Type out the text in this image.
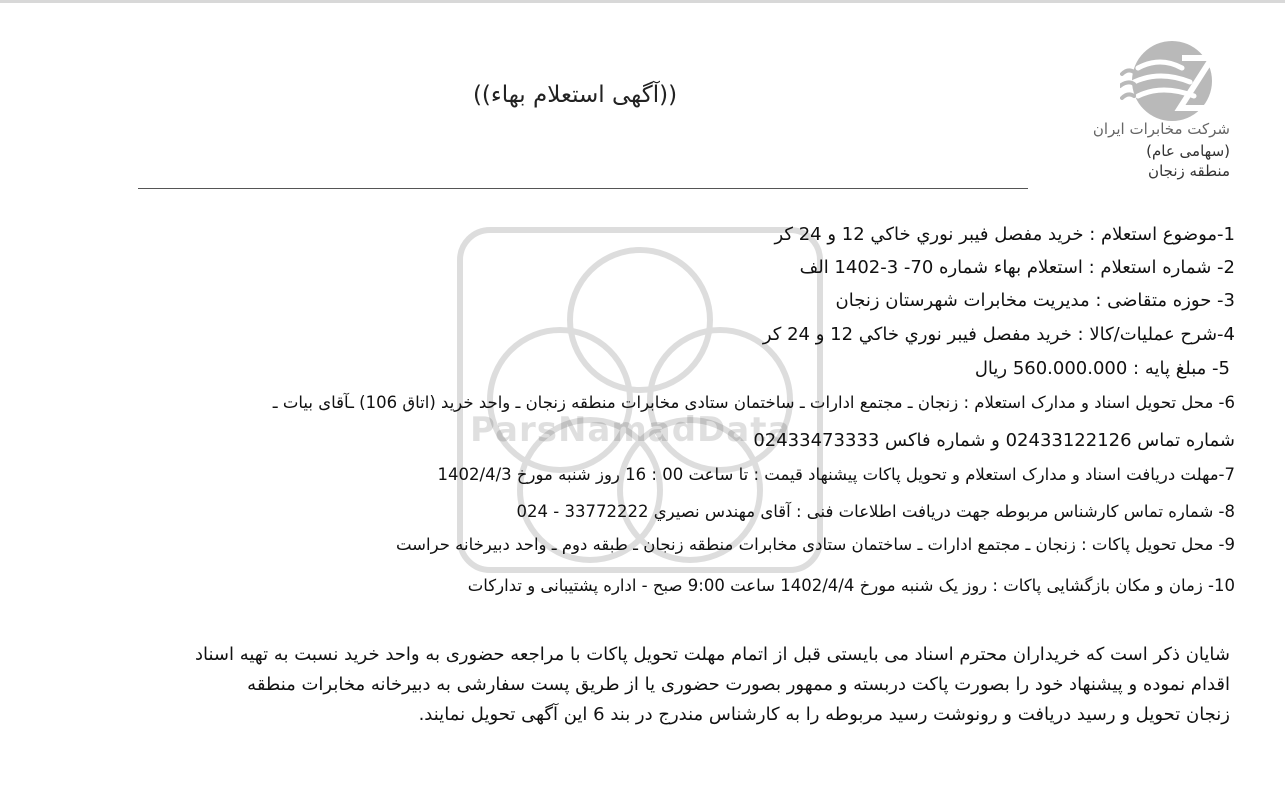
ParsNamadData
شرکت مخابرات ایران
(سهامی عام)
منطقه زنجان
((آگهی استعلام بهاء))
1-موضوع استعلام : خريد مفصل فيبر نوري خاكي 12 و 24 كر
2- شماره استعلام : استعلام بهاء شماره 70- 3-1402 الف
3- حوزه متقاضی : مدیریت مخابرات شهرستان زنجان
4-شرح عملیات/کالا : خريد مفصل فيبر نوري خاكي 12 و 24 كر
5- مبلغ پایه : 560.000.000 ریال
6- محل تحویل اسناد و مدارک استعلام : زنجان ـ مجتمع ادارات ـ ساختمان ستادی مخابرات منطقه زنجان ـ واحد خرید (اتاق 106) ـآقای بیات ـ
شماره تماس 02433122126 و شماره فاکس 02433473333
7-مهلت دریافت اسناد و مدارک استعلام و تحویل پاکات پیشنهاد قیمت : تا ساعت 00 : 16 روز شنبه مورخ 1402/4/3
8- شماره تماس کارشناس مربوطه جهت دریافت اطلاعات فنی : آقای مهندس نصیري 33772222 - 024
9- محل تحویل پاکات : زنجان ـ مجتمع ادارات ـ ساختمان ستادی مخابرات منطقه زنجان ـ طبقه دوم ـ واحد دبیرخانه حراست
10- زمان و مکان بازگشایی پاکات : روز یک شنبه مورخ 1402/4/4 ساعت 9:00 صبح - اداره پشتیبانی و تدارکات
شایان ذکر است که خریداران محترم اسناد می بایستی قبل از اتمام مهلت تحویل پاکات با مراجعه حضوری به واحد خرید نسبت به تهیه اسناد
اقدام نموده و پیشنهاد خود را بصورت پاکت دربسته و ممهور بصورت حضوری یا از طریق پست سفارشی به دبیرخانه مخابرات منطقه
زنجان تحویل و رسید دریافت و رونوشت رسید مربوطه را به کارشناس مندرج در بند 6 این آگهی تحویل نمایند.
